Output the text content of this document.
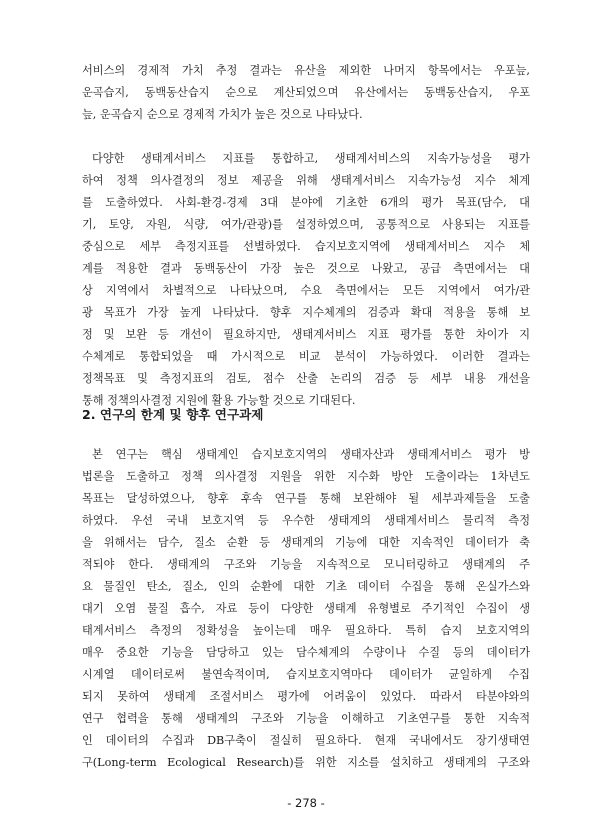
서비스의 경제적 가치 추정 결과는 유산을 제외한 나머지 항목에서는 우포늪,
운곡습지, 동백동산습지 순으로 계산되었으며 유산에서는 동백동산습지, 우포
늪, 운곡습지 순으로 경제적 가치가 높은 것으로 나타났다.
다양한 생태계서비스 지표를 통합하고, 생태계서비스의 지속가능성을 평가
하여 정책 의사결정의 정보 제공을 위해 생태계서비스 지속가능성 지수 체계
를 도출하였다. 사회-환경-경제 3대 분야에 기초한 6개의 평가 목표(담수, 대
기, 토양, 자원, 식량, 여가/관광)를 설정하였으며, 공통적으로 사용되는 지표를
중심으로 세부 측정지표를 선별하였다. 습지보호지역에 생태계서비스 지수 체
계를 적용한 결과 동백동산이 가장 높은 것으로 나왔고, 공급 측면에서는 대
상 지역에서 차별적으로 나타났으며, 수요 측면에서는 모든 지역에서 여가/관
광 목표가 가장 높게 나타났다. 향후 지수체계의 검증과 확대 적용을 통해 보
정 및 보완 등 개선이 필요하지만, 생태계서비스 지표 평가를 통한 차이가 지
수체계로 통합되었을 때 가시적으로 비교 분석이 가능하였다. 이러한 결과는
정책목표 및 측정지표의 검토, 점수 산출 논리의 검증 등 세부 내용 개선을
통해 정책의사결정 지원에 활용 가능할 것으로 기대된다.
2. 연구의 한계 및 향후 연구과제
본 연구는 핵심 생태계인 습지보호지역의 생태자산과 생태계서비스 평가 방
법론을 도출하고 정책 의사결정 지원을 위한 지수화 방안 도출이라는 1차년도
목표는 달성하였으나, 향후 후속 연구를 통해 보완해야 될 세부과제들을 도출
하였다. 우선 국내 보호지역 등 우수한 생태계의 생태계서비스 물리적 측정
을 위해서는 담수, 질소 순환 등 생태계의 기능에 대한 지속적인 데이터가 축
적되야 한다. 생태계의 구조와 기능을 지속적으로 모니터링하고 생태계의 주
요 물질인 탄소, 질소, 인의 순환에 대한 기초 데이터 수집을 통해 온실가스와
대기 오염 물질 흡수, 자료 등이 다양한 생태계 유형별로 주기적인 수집이 생
태계서비스 측정의 정확성을 높이는데 매우 필요하다. 특히 습지 보호지역의
매우 중요한 기능을 담당하고 있는 담수체계의 수량이나 수질 등의 데이터가
시계열 데이터로써 불연속적이며, 습지보호지역마다 데이터가 균일하게 수집
되지 못하여 생태계 조절서비스 평가에 어려움이 있었다. 따라서 타분야와의
연구 협력을 통해 생태계의 구조와 기능을 이해하고 기초연구를 통한 지속적
인 데이터의 수집과 DB구축이 절실히 필요하다. 현재 국내에서도 장기생태연
구(Long-term Ecological Research)를 위한 지소를 설치하고 생태계의 구조와
- 278 -
